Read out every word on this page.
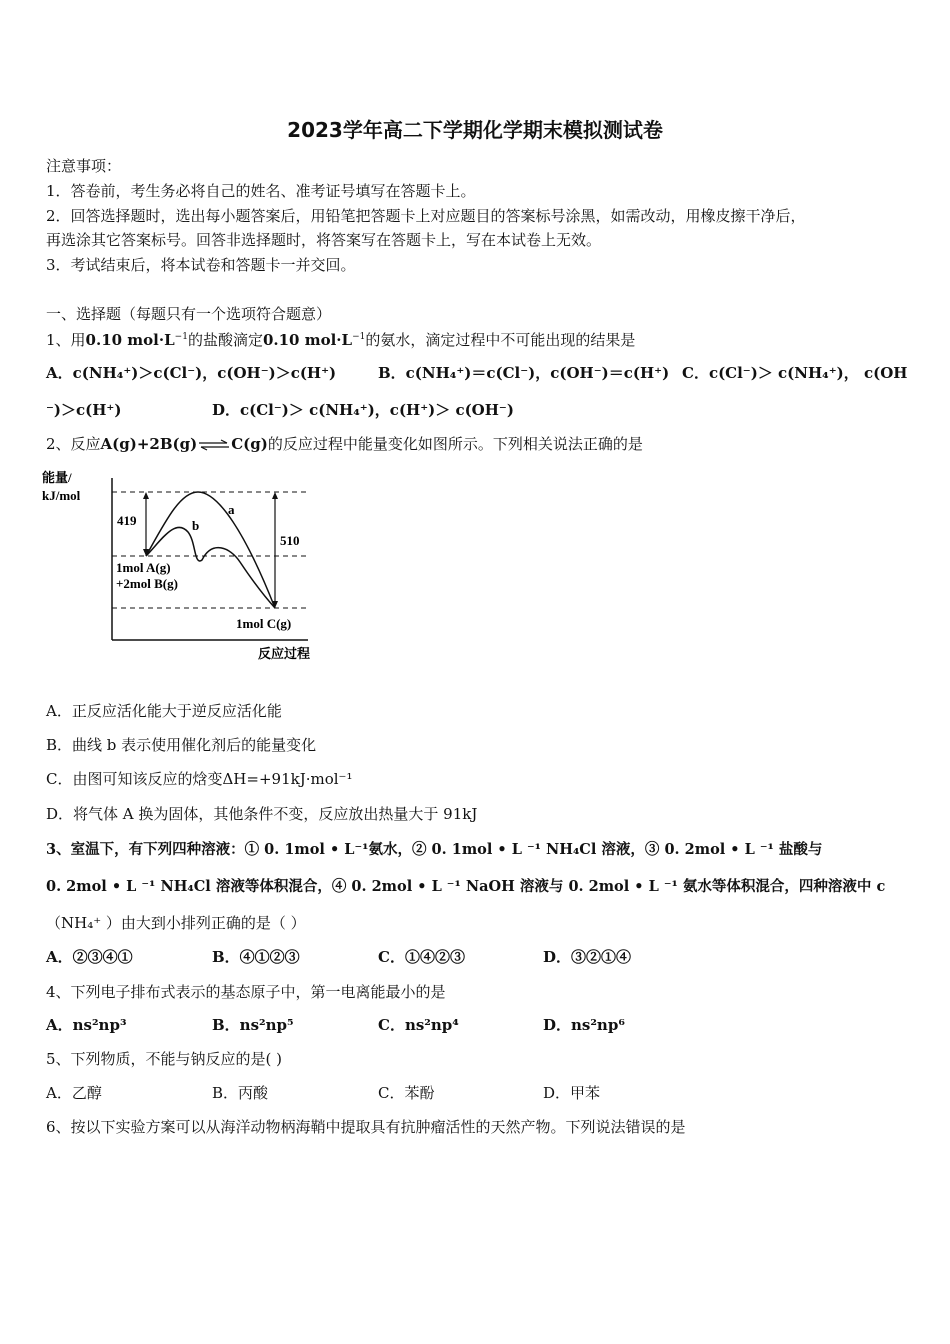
2023学年高二下学期化学期末模拟测试卷
注意事项：
1．答卷前，考生务必将自己的姓名、准考证号填写在答题卡上。
2．回答选择题时，选出每小题答案后，用铅笔把答题卡上对应题目的答案标号涂黑，如需改动，用橡皮擦干净后，
再选涂其它答案标号。回答非选择题时，将答案写在答题卡上，写在本试卷上无效。
3．考试结束后，将本试卷和答题卡一并交回。
一、选择题（每题只有一个选项符合题意）
1、用0.10 $mol\cdot L^{-1}$的盐酸滴定0.10 $mol\cdot L^{-1}$的氨水，滴定过程中不可能出现的结果是
A．c(NH₄⁺)＞c(Cl⁻)，c(OH⁻)＞c(H⁺)	B．c(NH₄⁺)＝c(Cl⁻)，c(OH⁻)＝c(H⁺) C．c(Cl⁻)＞ c(NH₄⁺)， c(OH
⁻)＞c(H⁺)	D．c(Cl⁻)＞ c(NH₄⁺)，c(H⁺)＞ c(OH⁻)
2、反应A(g)+2B(g)⇌C(g)的反应过程中能量变化如图所示。下列相关说法正确的是
能量/
kJ/mol
419
510
a
b
1mol A(g)
+2mol B(g)
1mol C(g)
反应过程
A．正反应活化能大于逆反应活化能
B．曲线 b 表示使用催化剂后的能量变化
C．由图可知该反应的焓变ΔH=+91kJ·mol⁻¹
D．将气体 A 换为固体，其他条件不变，反应放出热量大于 91kJ
3、室温下，有下列四种溶液：① 0. 1mol • L⁻¹氨水，② 0. 1mol • L ⁻¹ NH₄Cl 溶液，③ 0. 2mol • L ⁻¹ 盐酸与
0. 2mol • L ⁻¹ NH₄Cl 溶液等体积混合，④ 0. 2mol • L ⁻¹ NaOH 溶液与 0. 2mol • L ⁻¹ 氨水等体积混合，四种溶液中 c
（NH₄⁺ ）由大到小排列正确的是（ ）
A．②③④①	B．④①②③	C．①④②③	D．③②①④
4、下列电子排布式表示的基态原子中，第一电离能最小的是
A．ns²np³	B．ns²np⁵	C．ns²np⁴	D．ns²np⁶
5、下列物质，不能与钠反应的是( )
A．乙醇	B．丙酸	C．苯酚	D．甲苯
6、按以下实验方案可以从海洋动物柄海鞘中提取具有抗肿瘤活性的天然产物。下列说法错误的是
